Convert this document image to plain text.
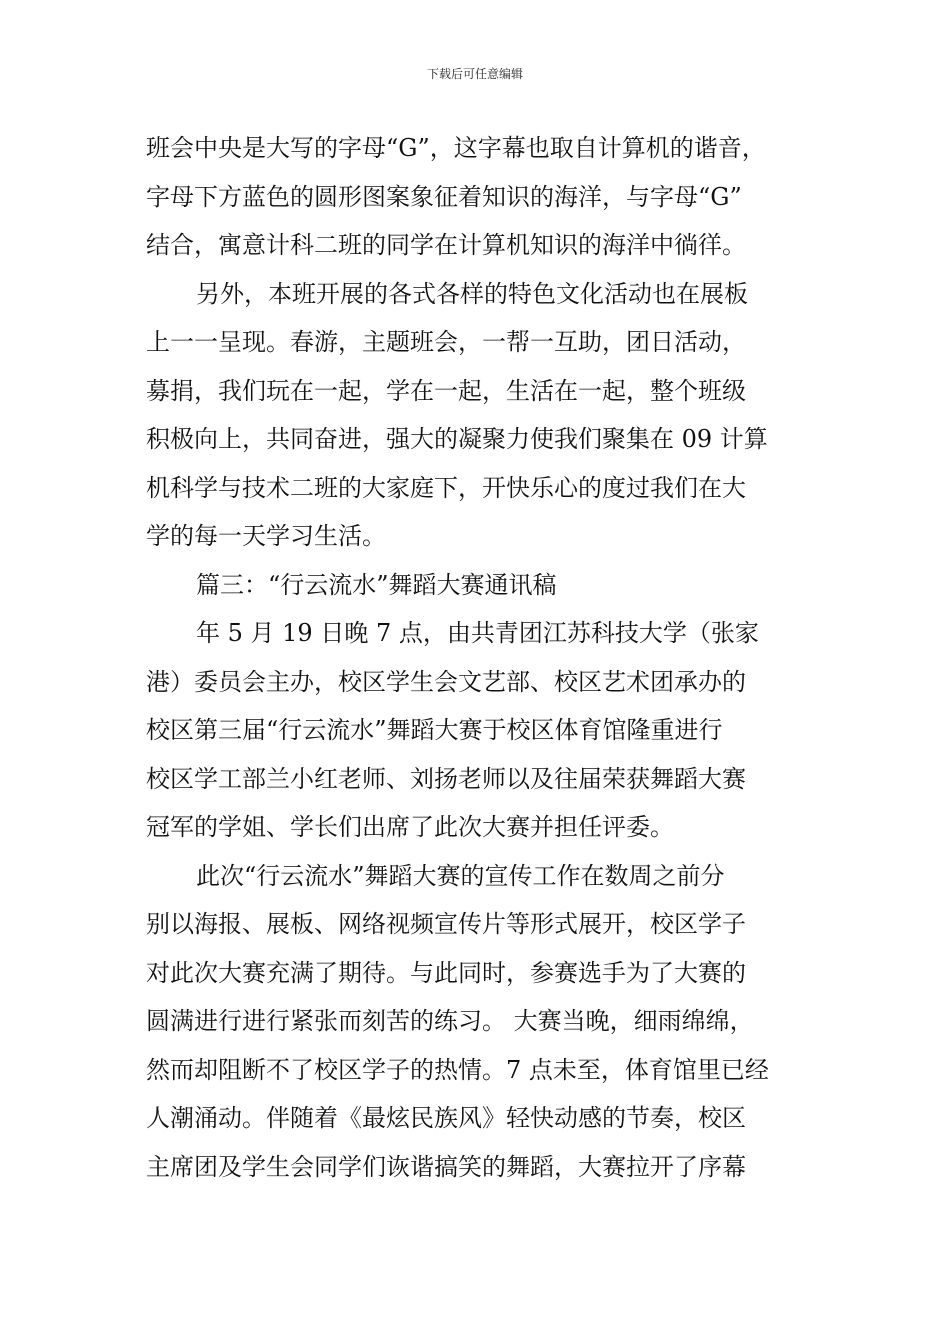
下载后可任意编辑
班会中央是大写的字母“G”，这字幕也取自计算机的谐音，
字母下方蓝色的圆形图案象征着知识的海洋，与字母“G”
结合，寓意计科二班的同学在计算机知识的海洋中徜徉。
另外，本班开展的各式各样的特色文化活动也在展板
上一一呈现。春游，主题班会，一帮一互助，团日活动，
募捐，我们玩在一起，学在一起，生活在一起，整个班级
积极向上，共同奋进，强大的凝聚力使我们聚集在 09 计算
机科学与技术二班的大家庭下，开快乐心的度过我们在大
学的每一天学习生活。
篇三：“行云流水”舞蹈大赛通讯稿
年 5 月 19 日晚 7 点，由共青团江苏科技大学（张家
港）委员会主办，校区学生会文艺部、校区艺术团承办的
校区第三届“行云流水”舞蹈大赛于校区体育馆隆重进行
校区学工部兰小红老师、刘扬老师以及往届荣获舞蹈大赛
冠军的学姐、学长们出席了此次大赛并担任评委。
此次“行云流水”舞蹈大赛的宣传工作在数周之前分
别以海报、展板、网络视频宣传片等形式展开，校区学子
对此次大赛充满了期待。与此同时，参赛选手为了大赛的
圆满进行进行紧张而刻苦的练习。 大赛当晚，细雨绵绵，
然而却阻断不了校区学子的热情。7 点未至，体育馆里已经
人潮涌动。伴随着《最炫民族风》轻快动感的节奏，校区
主席团及学生会同学们诙谐搞笑的舞蹈，大赛拉开了序幕
